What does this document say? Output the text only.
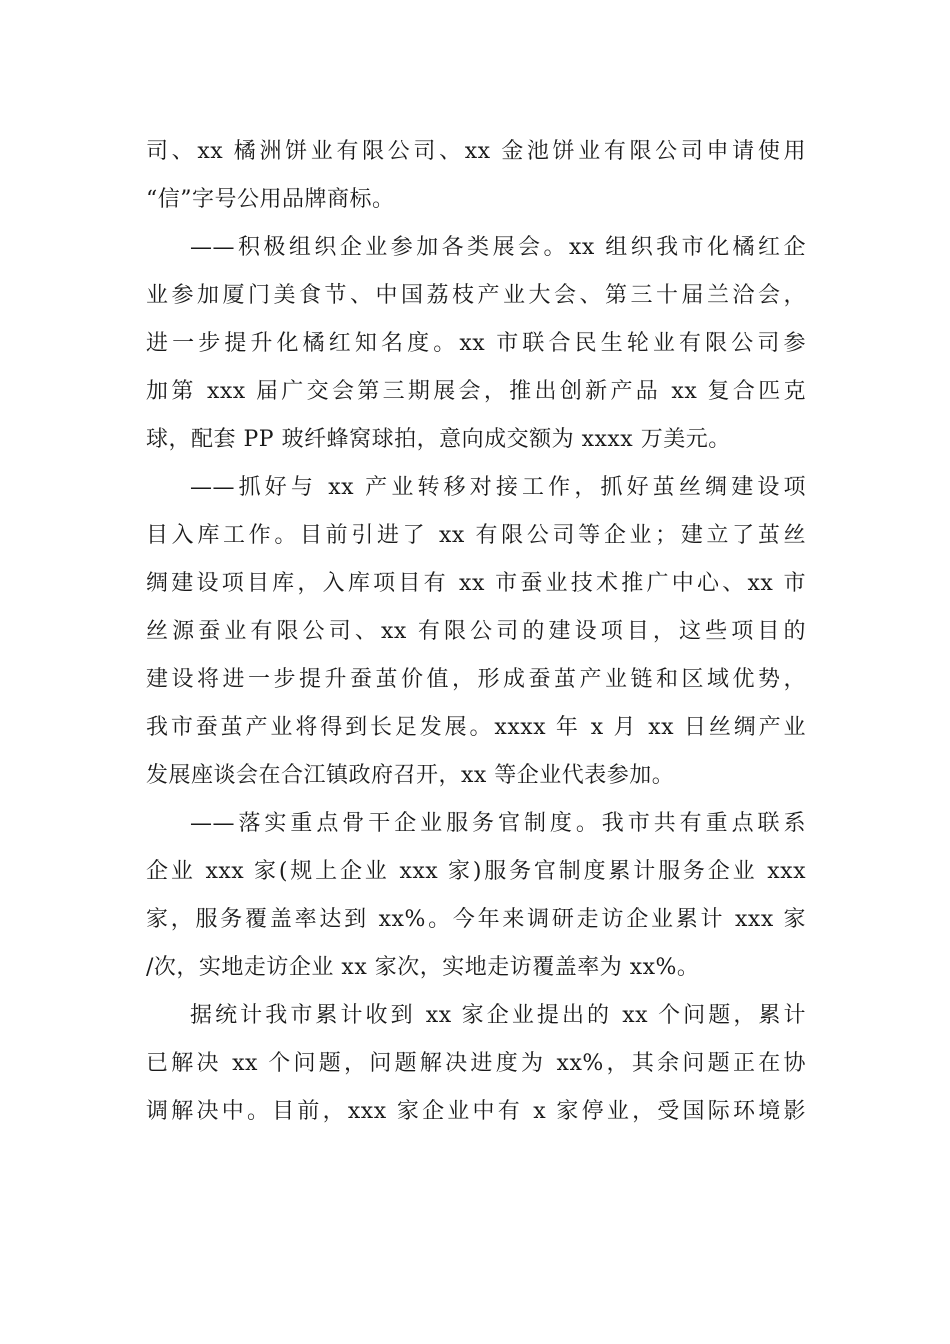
司、xx 橘洲饼业有限公司、xx 金池饼业有限公司申请使用
“信”字号公用品牌商标。
——积极组织企业参加各类展会。xx 组织我市化橘红企
业参加厦门美食节、中国荔枝产业大会、第三十届兰洽会，
进一步提升化橘红知名度。xx 市联合民生轮业有限公司参
加第 xxx 届广交会第三期展会，推出创新产品 xx 复合匹克
球，配套 PP 玻纤蜂窝球拍，意向成交额为 xxxx 万美元。
——抓好与 xx 产业转移对接工作，抓好茧丝绸建设项
目入库工作。目前引进了 xx 有限公司等企业；建立了茧丝
绸建设项目库，入库项目有 xx 市蚕业技术推广中心、xx 市
丝源蚕业有限公司、xx 有限公司的建设项目，这些项目的
建设将进一步提升蚕茧价值，形成蚕茧产业链和区域优势，
我市蚕茧产业将得到长足发展。xxxx 年 x 月 xx 日丝绸产业
发展座谈会在合江镇政府召开，xx 等企业代表参加。
——落实重点骨干企业服务官制度。我市共有重点联系
企业 xxx 家(规上企业 xxx 家)服务官制度累计服务企业 xxx
家，服务覆盖率达到 xx%。今年来调研走访企业累计 xxx 家
/次，实地走访企业 xx 家次，实地走访覆盖率为 xx%。
据统计我市累计收到 xx 家企业提出的 xx 个问题，累计
已解决 xx 个问题，问题解决进度为 xx%，其余问题正在协
调解决中。目前，xxx 家企业中有 x 家停业，受国际环境影
